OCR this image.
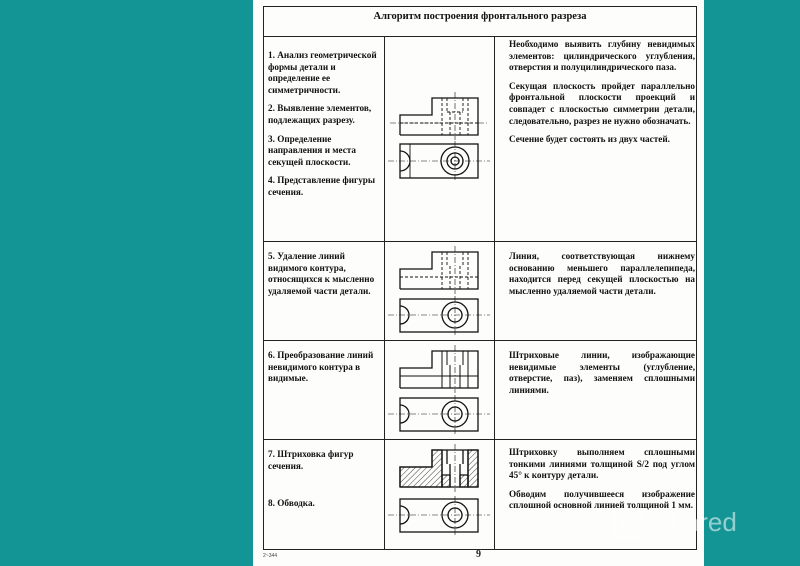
Алгоритм построения фронтального разреза

1. Анализ геометрической формы детали и определение ее симметричности.

2. Выявление элементов, подлежащих разрезу.

3. Определение направления и места секущей плоскости.

4. Представление фигуры сечения.

Необходимо выявить глубину невидимых элементов: цилиндрического углубления, отверстия и полуцилиндрического паза.

Секущая плоскость пройдет параллельно фронтальной плоскости проекций и совпадет с плоскостью симметрии детали, следовательно, разрез не нужно обозначать.

Сечение будет состоять из двух частей.

5. Удаление линий видимого контура, относящихся к мысленно удаляемой части детали.

Линия, соответствующая нижнему основанию меньшего параллелепипеда, находится перед секущей плоскостью на мысленно удаляемой части детали.

6. Преобразование линий невидимого контура в видимые.

Штриховые линии, изображающие невидимые элементы (углубление, отверстие, паз), заменяем сплошными линиями.

7. Штриховка фигур сечения.

8. Обводка.

Штриховку выполняем сплошными тонкими линиями толщиной S/2 под углом 45° к контуру детали.

Обводим получившееся изображение сплошной основной линией толщиной 1 мм.

9
2~344
Shared
